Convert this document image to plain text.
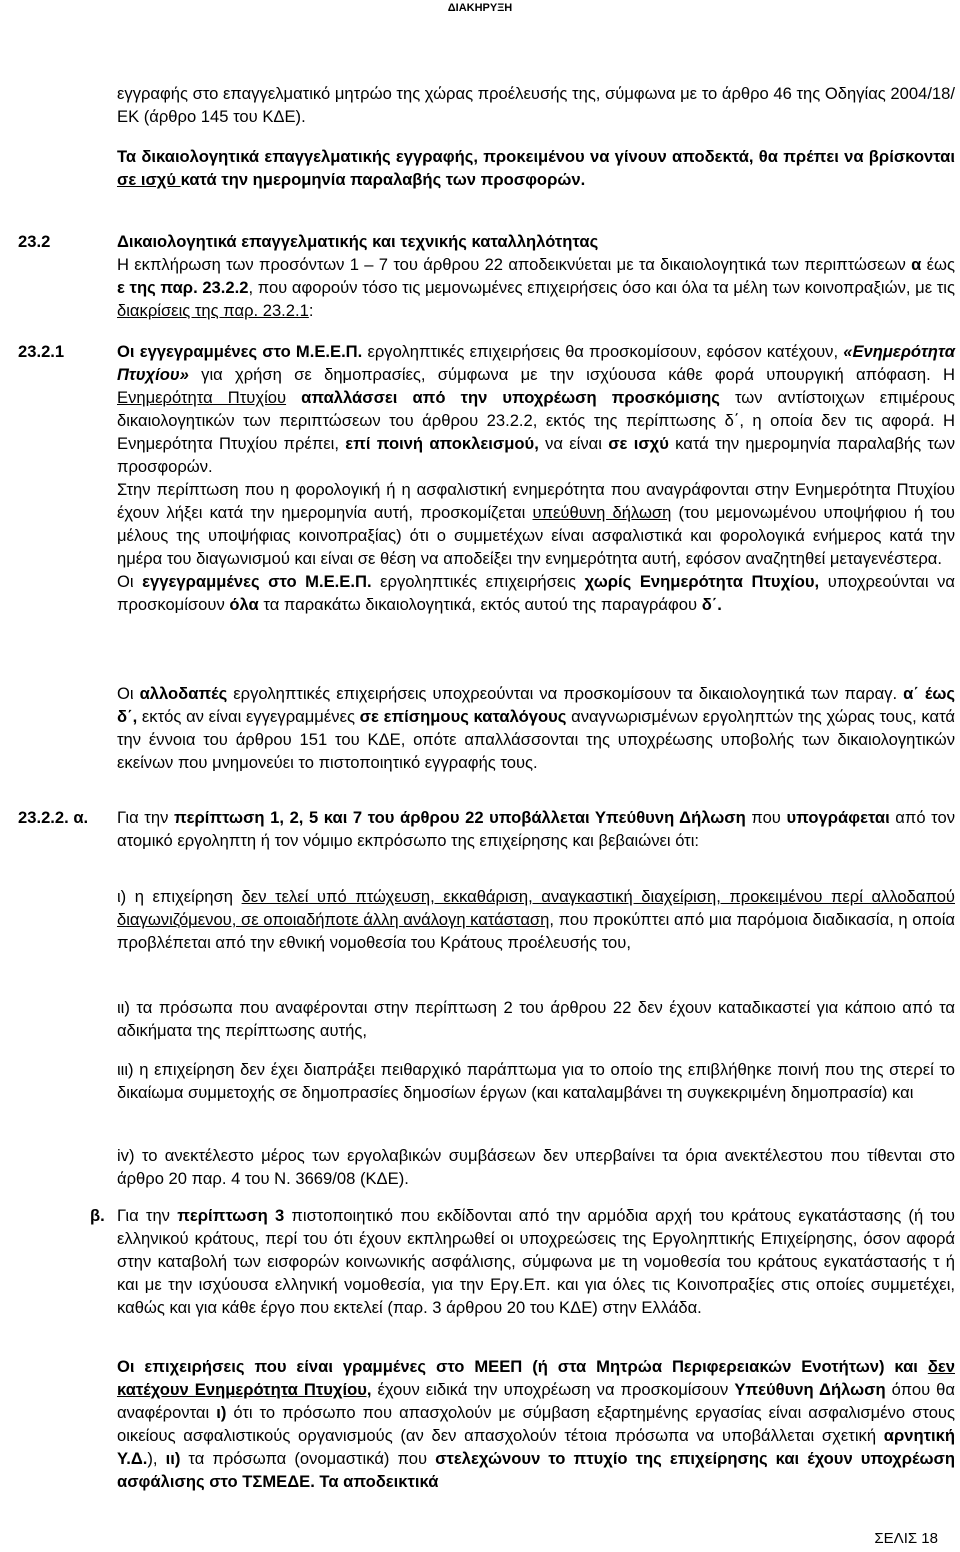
ΔΙΑΚΗΡΥΞΗ

εγγραφής στο επαγγελματικό μητρώο της χώρας προέλευσής της, σύμφωνα με το άρθρο 46 της Οδηγίας 2004/18/ΕΚ (άρθρο 145 του ΚΔΕ).

Τα δικαιολογητικά επαγγελματικής εγγραφής, προκειμένου να γίνουν αποδεκτά, θα πρέπει να βρίσκονται σε ισχύ κατά την ημερομηνία παραλαβής των προσφορών.

23.2	Δικαιολογητικά επαγγελματικής και τεχνικής καταλληλότητας

Η εκπλήρωση των προσόντων 1 – 7 του άρθρου 22 αποδεικνύεται με τα δικαιολογητικά των περιπτώσεων α έως ε της παρ. 23.2.2, που αφορούν τόσο τις μεμονωμένες επιχειρήσεις όσο και όλα τα μέλη των κοινοπραξιών, με τις διακρίσεις της παρ. 23.2.1:

23.2.1	Οι εγγεγραμμένες στο Μ.Ε.Ε.Π. εργοληπτικές επιχειρήσεις θα προσκομίσουν, εφόσον κατέχουν, «Ενημερότητα Πτυχίου» για χρήση σε δημοπρασίες, σύμφωνα με την ισχύουσα κάθε φορά υπουργική απόφαση. Η Ενημερότητα Πτυχίου απαλλάσσει από την υποχρέωση προσκόμισης των αντίστοιχων επιμέρους δικαιολογητικών των περιπτώσεων του άρθρου 23.2.2, εκτός της περίπτωσης δ΄, η οποία δεν τις αφορά. Η Ενημερότητα Πτυχίου πρέπει, επί ποινή αποκλεισμού, να είναι σε ισχύ κατά την ημερομηνία παραλαβής των προσφορών.

Στην περίπτωση που η φορολογική ή η ασφαλιστική ενημερότητα που αναγράφονται στην Ενημερότητα Πτυχίου έχουν λήξει κατά την ημερομηνία αυτή, προσκομίζεται υπεύθυνη δήλωση (του μεμονωμένου υποψήφιου ή του μέλους της υποψήφιας κοινοπραξίας) ότι ο συμμετέχων είναι ασφαλιστικά και φορολογικά ενήμερος κατά την ημέρα του διαγωνισμού και είναι σε θέση να αποδείξει την ενημερότητα αυτή, εφόσον αναζητηθεί μεταγενέστερα.

Οι εγγεγραμμένες στο Μ.Ε.Ε.Π. εργοληπτικές επιχειρήσεις χωρίς Ενημερότητα Πτυχίου, υποχρεούνται να προσκομίσουν όλα τα παρακάτω δικαιολογητικά, εκτός αυτού της παραγράφου δ΄.

Οι αλλοδαπές εργοληπτικές επιχειρήσεις υποχρεούνται να προσκομίσουν τα δικαιολογητικά των παραγ. α΄ έως δ΄, εκτός αν είναι εγγεγραμμένες σε επίσημους καταλόγους αναγνωρισμένων εργοληπτών της χώρας τους, κατά την έννοια του άρθρου 151 του ΚΔΕ, οπότε απαλλάσσονται της υποχρέωσης υποβολής των δικαιολογητικών εκείνων που μνημονεύει το πιστοποιητικό εγγραφής τους.

23.2.2. α. Για την περίπτωση 1, 2, 5 και 7 του άρθρου 22 υποβάλλεται Υπεύθυνη Δήλωση που υπογράφεται από τον ατομικό εργοληπτη ή τον νόμιμο εκπρόσωπο της επιχείρησης και βεβαιώνει ότι:

ι) η επιχείρηση δεν τελεί υπό πτώχευση, εκκαθάριση, αναγκαστική διαχείριση, προκειμένου περί αλλοδαπού διαγωνιζόμενου, σε οποιαδήποτε άλλη ανάλογη κατάσταση, που προκύπτει από μια παρόμοια διαδικασία, η οποία προβλέπεται από την εθνική νομοθεσία του Κράτους προέλευσής του,

ιι) τα πρόσωπα που αναφέρονται στην περίπτωση 2 του άρθρου 22 δεν έχουν καταδικαστεί για κάποιο από τα αδικήματα της περίπτωσης αυτής,

ιιι) η επιχείρηση δεν έχει διαπράξει πειθαρχικό παράπτωμα για το οποίο της επιβλήθηκε ποινή που της στερεί το δικαίωμα συμμετοχής σε δημοπρασίες δημοσίων έργων (και καταλαμβάνει τη συγκεκριμένη δημοπρασία) και

iv) το ανεκτέλεστο μέρος των εργολαβικών συμβάσεων δεν υπερβαίνει τα όρια ανεκτέλεστου που τίθενται στο άρθρο 20 παρ. 4 του Ν. 3669/08 (ΚΔΕ).

β. Για την περίπτωση 3 πιστοποιητικό που εκδίδονται από την αρμόδια αρχή του κράτους εγκατάστασης (ή του ελληνικού κράτους, περί του ότι έχουν εκπληρωθεί οι υποχρεώσεις της Εργοληπτικής Επιχείρησης, όσον αφορά στην καταβολή των εισφορών κοινωνικής ασφάλισης, σύμφωνα με τη νομοθεσία του κράτους εγκατάστασής τ ή και με την ισχύουσα ελληνική νομοθεσία, για την Εργ.Επ. και για όλες τις Κοινοπραξίες στις οποίες συμμετέχει, καθώς και για κάθε έργο που εκτελεί (παρ. 3 άρθρου 20 του ΚΔΕ) στην Ελλάδα.

Οι επιχειρήσεις που είναι γραμμένες στο ΜΕΕΠ (ή στα Μητρώα Περιφερειακών Ενοτήτων) και δεν κατέχουν Ενημερότητα Πτυχίου, έχουν ειδικά την υποχρέωση να προσκομίσουν Υπεύθυνη Δήλωση όπου θα αναφέρονται ι) ότι το πρόσωπο που απασχολούν με σύμβαση εξαρτημένης εργασίας είναι ασφαλισμένο στους οικείους ασφαλιστικούς οργανισμούς (αν δεν απασχολούν τέτοια πρόσωπα να υποβάλλεται σχετική αρνητική Υ.Δ.), ιι) τα πρόσωπα (ονομαστικά) που στελεχώνουν το πτυχίο της επιχείρησης και έχουν υποχρέωση ασφάλισης στο ΤΣΜΕΔΕ. Τα αποδεικτικά

ΣΕΛΙΣ 18
